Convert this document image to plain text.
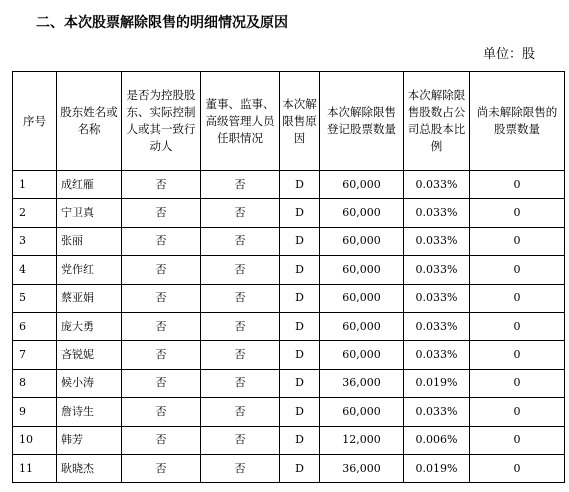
二、本次股票解除限售的明细情况及原因
单位：股
序号	股东姓名或名称	是否为控股股东、实际控制人或其一致行动人	董事、监事、高级管理人员任职情况	本次解限售原因	本次解除限售登记股票数量	本次解除限售股数占公司总股本比例	尚未解除限售的股票数量

1	成红雁	否	否	D	60,000	0.033%	0
2	宁卫真	否	否	D	60,000	0.033%	0
3	张丽	否	否	D	60,000	0.033%	0
4	党作红	否	否	D	60,000	0.033%	0
5	蔡亚娟	否	否	D	60,000	0.033%	0
6	庞大勇	否	否	D	60,000	0.033%	0
7	吝锐妮	否	否	D	60,000	0.033%	0
8	候小涛	否	否	D	36,000	0.019%	0
9	詹诗生	否	否	D	60,000	0.033%	0
10	韩芳	否	否	D	12,000	0.006%	0
11	耿晓杰	否	否	D	36,000	0.019%	0
